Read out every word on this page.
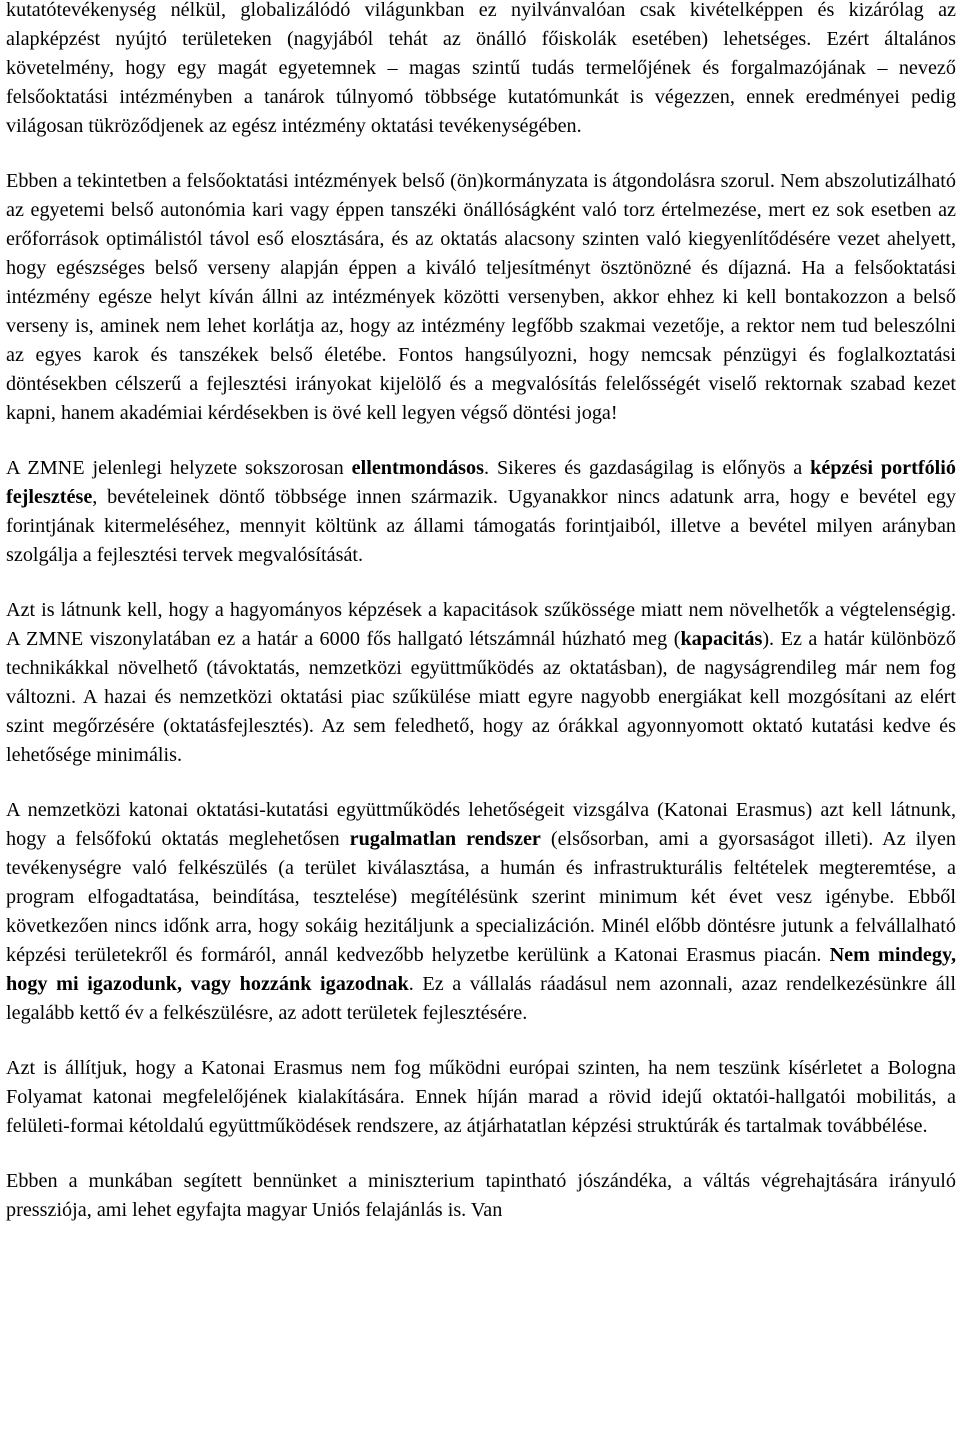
kutatótevékenység nélkül, globalizálódó világunkban ez nyilvánvalóan csak kivételképpen és kizárólag az alapképzést nyújtó területeken (nagyjából tehát az önálló főiskolák esetében) lehetséges. Ezért általános követelmény, hogy egy magát egyetemnek – magas szintű tudás termelőjének és forgalmazójának – nevező felsőoktatási intézményben a tanárok túlnyomó többsége kutatómunkát is végezzen, ennek eredményei pedig világosan tükröződjenek az egész intézmény oktatási tevékenységében.
Ebben a tekintetben a felsőoktatási intézmények belső (ön)kormányzata is átgondolásra szorul. Nem abszolutizálható az egyetemi belső autonómia kari vagy éppen tanszéki önállóságként való torz értelmezése, mert ez sok esetben az erőforrások optimálistól távol eső elosztására, és az oktatás alacsony szinten való kiegyenlítődésére vezet ahelyett, hogy egészséges belső verseny alapján éppen a kiváló teljesítményt ösztönözné és díjazná. Ha a felsőoktatási intézmény egésze helyt kíván állni az intézmények közötti versenyben, akkor ehhez ki kell bontakozzon a belső verseny is, aminek nem lehet korlátja az, hogy az intézmény legfőbb szakmai vezetője, a rektor nem tud beleszólni az egyes karok és tanszékek belső életébe. Fontos hangsúlyozni, hogy nemcsak pénzügyi és foglalkoztatási döntésekben célszerű a fejlesztési irányokat kijelölő és a megvalósítás felelősségét viselő rektornak szabad kezet kapni, hanem akadémiai kérdésekben is övé kell legyen végső döntési joga!
A ZMNE jelenlegi helyzete sokszorosan ellentmondásos. Sikeres és gazdaságilag is előnyös a képzési portfólió fejlesztése, bevételeinek döntő többsége innen származik. Ugyanakkor nincs adatunk arra, hogy e bevétel egy forintjának kitermeléséhez, mennyit költünk az állami támogatás forintjaiból, illetve a bevétel milyen arányban szolgálja a fejlesztési tervek megvalósítását.
Azt is látnunk kell, hogy a hagyományos képzések a kapacitások szűkössége miatt nem növelhetők a végtelenségig. A ZMNE viszonylatában ez a határ a 6000 fős hallgató létszámnál húzható meg (kapacitás). Ez a határ különböző technikákkal növelhető (távoktatás, nemzetközi együttműködés az oktatásban), de nagyságrendileg már nem fog változni. A hazai és nemzetközi oktatási piac szűkülése miatt egyre nagyobb energiákat kell mozgósítani az elért szint megőrzésére (oktatásfejlesztés). Az sem feledhető, hogy az órákkal agyonnyomott oktató kutatási kedve és lehetősége minimális.
A nemzetközi katonai oktatási-kutatási együttműködés lehetőségeit vizsgálva (Katonai Erasmus) azt kell látnunk, hogy a felsőfokú oktatás meglehetősen rugalmatlan rendszer (elsősorban, ami a gyorsaságot illeti). Az ilyen tevékenységre való felkészülés (a terület kiválasztása, a humán és infrastrukturális feltételek megteremtése, a program elfogadtatása, beindítása, tesztelése) megítélésünk szerint minimum két évet vesz igénybe. Ebből következően nincs időnk arra, hogy sokáig hezitáljunk a specializáción. Minél előbb döntésre jutunk a felvállalható képzési területekről és formáról, annál kedvezőbb helyzetbe kerülünk a Katonai Erasmus piacán. Nem mindegy, hogy mi igazodunk, vagy hozzánk igazodnak. Ez a vállalás ráadásul nem azonnali, azaz rendelkezésünkre áll legalább kettő év a felkészülésre, az adott területek fejlesztésére.
Azt is állítjuk, hogy a Katonai Erasmus nem fog működni európai szinten, ha nem teszünk kísérletet a Bologna Folyamat katonai megfelelőjének kialakítására. Ennek híján marad a rövid idejű oktatói-hallgatói mobilitás, a felületi-formai kétoldalú együttműködések rendszere, az átjárhatatlan képzési struktúrák és tartalmak továbbélése.
Ebben a munkában segített bennünket a miniszterium tapintható jószándéka, a váltás végrehajtására irányuló pressziója, ami lehet egyfajta magyar Uniós felajánlás is. Van
